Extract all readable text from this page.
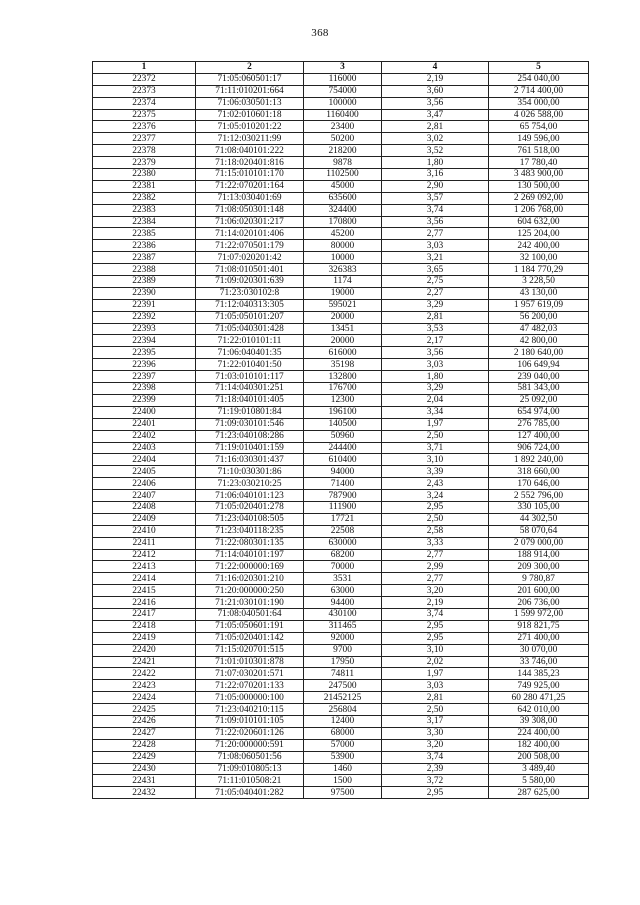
368
1	2	3	4	5
22372	71:05:060501:17	116000	2,19	254 040,00
22373	71:11:010201:664	754000	3,60	2 714 400,00
22374	71:06:030501:13	100000	3,56	354 000,00
22375	71:02:010601:18	1160400	3,47	4 026 588,00
22376	71:05:010201:22	23400	2,81	65 754,00
22377	71:12:030211:99	50200	3,02	149 596,00
22378	71:08:040101:222	218200	3,52	761 518,00
22379	71:18:020401:816	9878	1,80	17 780,40
22380	71:15:010101:170	1102500	3,16	3 483 900,00
22381	71:22:070201:164	45000	2,90	130 500,00
22382	71:13:030401:69	635600	3,57	2 269 092,00
22383	71:08:050301:148	324400	3,74	1 206 768,00
22384	71:06:020301:217	170800	3,56	604 632,00
22385	71:14:020101:406	45200	2,77	125 204,00
22386	71:22:070501:179	80000	3,03	242 400,00
22387	71:07:020201:42	10000	3,21	32 100,00
22388	71:08:010501:401	326383	3,65	1 184 770,29
22389	71:09:020301:639	1174	2,75	3 228,50
22390	71:23:030102:8	19000	2,27	43 130,00
22391	71:12:040313:305	595021	3,29	1 957 619,09
22392	71:05:050101:207	20000	2,81	56 200,00
22393	71:05:040301:428	13451	3,53	47 482,03
22394	71:22:010101:11	20000	2,17	42 800,00
22395	71:06:040401:35	616000	3,56	2 180 640,00
22396	71:22:010401:50	35198	3,03	106 649,94
22397	71:03:010101:117	132800	1,80	239 040,00
22398	71:14:040301:251	176700	3,29	581 343,00
22399	71:18:040101:405	12300	2,04	25 092,00
22400	71:19:010801:84	196100	3,34	654 974,00
22401	71:09:030101:546	140500	1,97	276 785,00
22402	71:23:040108:286	50960	2,50	127 400,00
22403	71:19:010401:159	244400	3,71	906 724,00
22404	71:16:030301:437	610400	3,10	1 892 240,00
22405	71:10:030301:86	94000	3,39	318 660,00
22406	71:23:030210:25	71400	2,43	170 646,00
22407	71:06:040101:123	787900	3,24	2 552 796,00
22408	71:05:020401:278	111900	2,95	330 105,00
22409	71:23:040108:505	17721	2,50	44 302,50
22410	71:23:040118:235	22508	2,58	58 070,64
22411	71:22:080301:135	630000	3,33	2 079 000,00
22412	71:14:040101:197	68200	2,77	188 914,00
22413	71:22:000000:169	70000	2,99	209 300,00
22414	71:16:020301:210	3531	2,77	9 780,87
22415	71:20:000000:250	63000	3,20	201 600,00
22416	71:21:030101:190	94400	2,19	206 736,00
22417	71:08:040501:64	430100	3,74	1 599 972,00
22418	71:05:050601:191	311465	2,95	918 821,75
22419	71:05:020401:142	92000	2,95	271 400,00
22420	71:15:020701:515	9700	3,10	30 070,00
22421	71:01:010301:878	17950	2,02	33 746,00
22422	71:07:030201:571	74811	1,97	144 385,23
22423	71:22:070201:133	247500	3,03	749 925,00
22424	71:05:000000:100	21452125	2,81	60 280 471,25
22425	71:23:040210:115	256804	2,50	642 010,00
22426	71:09:010101:105	12400	3,17	39 308,00
22427	71:22:020601:126	68000	3,30	224 400,00
22428	71:20:000000:591	57000	3,20	182 400,00
22429	71:08:060501:56	53900	3,74	200 508,00
22430	71:09:010805:13	1460	2,39	3 489,40
22431	71:11:010508:21	1500	3,72	5 580,00
22432	71:05:040401:282	97500	2,95	287 625,00
